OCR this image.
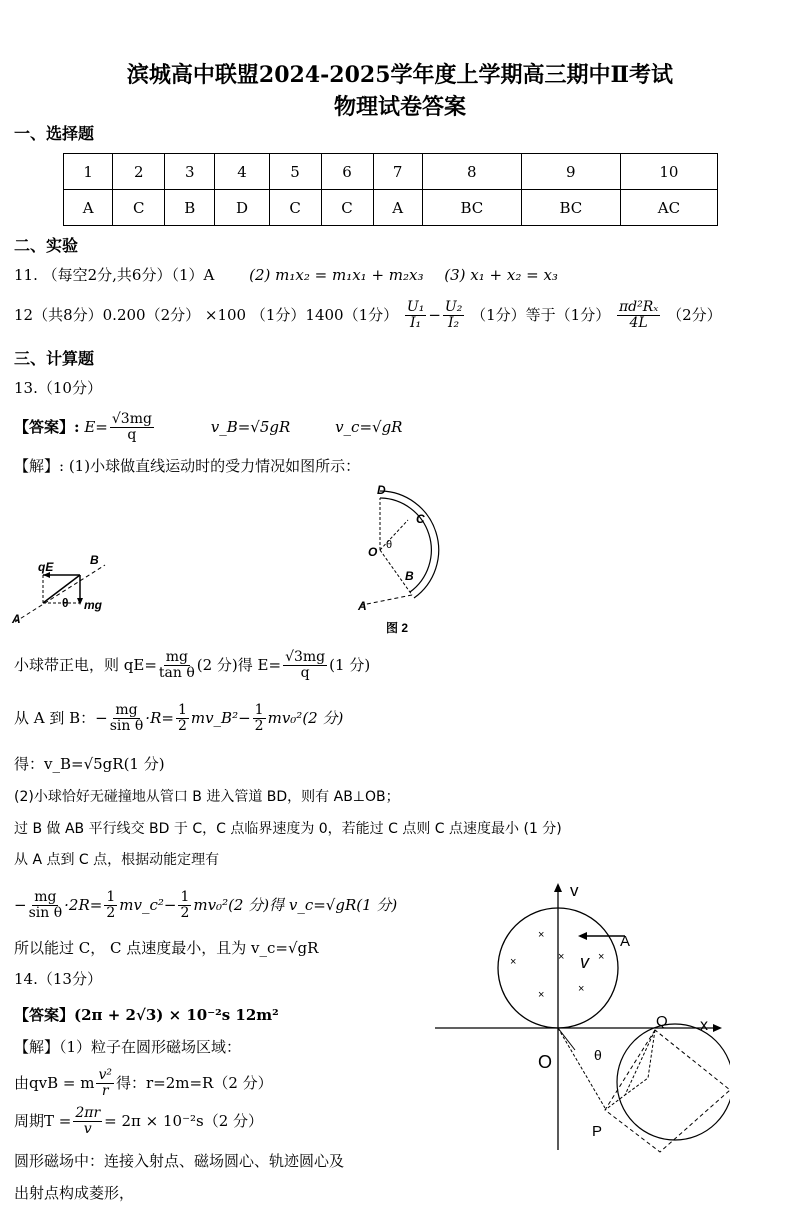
滨城高中联盟2024-2025学年度上学期高三期中Ⅱ考试
物理试卷答案
一、选择题
1	2	3	4	5	6	7	8	9	10
A	C	B	D	C	C	A	BC	BC	AC
二、实验
11. （每空2分,共6分）（1）A (2) m₁x₂ = m₁x₁ + m₂x₃ (3) x₁ + x₂ = x₃
12（共8分）0.200（2分） ×100 （1分）1400（1分） $\frac{\text{U₁}}{\text{I₁}} - \frac{\text{U₂}}{\text{I₂}} (1$分）等于（1分） $\frac{\text{πd²Rₓ}}{4L} (2$分）
三、计算题
13.（10分）
【答案】: $E= \frac{√3mg}{q}$	v_B=√5gR	v_c=√gR
【解】: (1)小球做直线运动时的受力情况如图所示：
qE	B
A
θ mg
D
C
O θ
B
A
图 2
小球带正电，则 $qE= \frac{mg}{\text{tan θ}} (2$ 分)得 $E= \frac{√3mg}{q} (1$ 分)
从 A 到 B：− $\frac{mg}{\text{sin θ}} \cdot R= \frac{1}{2}$ mv_B²− $\frac{1}{2} mv_0^2(2$ 分)
得：v_B=√5gR(1 分)
(2)小球恰好无碰撞地从管口 B 进入管道 BD，则有 AB⊥OB；
过 B 做 AB 平行线交 BD 于 C，C 点临界速度为 0，若能过 C 点则 C 点速度最小 (1 分)
从 A 点到 C 点，根据动能定理有
− $\frac{mg}{\text{sin θ}} \cdot 2R= \frac{1}{2}$ mv_c²− $\frac{1}{2} mv_0^2(2$ 分)得 v_c=√gR(1 分)
所以能过 C， C 点速度最小，且为 v_c=√gR
14.（13分）
【答案】(2π + 2√3) × 10⁻²s 12m²
【解】（1）粒子在圆形磁场区域：
由qvB = m $\frac{\text{v²}}{r}$ 得：r=2m=R（2 分）
周期$T = \frac{2\pi r}{v} = 2\pi \times 10^{-2}s(2$ 分）
圆形磁场中：连接入射点、磁场圆心、轨迹圆心及
出射点构成菱形，
×
×	×
×	×
×
v
A
v
O
Q x
θ
P
